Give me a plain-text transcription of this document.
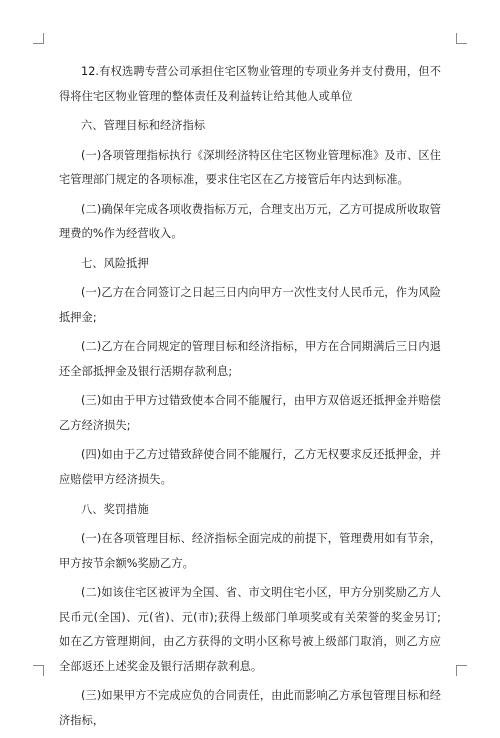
12.有权选聘专营公司承担住宅区物业管理的专项业务并支付费用，但不得将住宅区物业管理的整体责任及利益转让给其他人或单位

六、管理目标和经济指标

(一)各项管理指标执行《深圳经济特区住宅区物业管理标准》及市、区住宅管理部门规定的各项标准，要求住宅区在乙方接管后年内达到标准。

(二)确保年完成各项收费指标万元，合理支出万元，乙方可提成所收取管理费的%作为经营收入。

七、风险抵押

(一)乙方在合同签订之日起三日内向甲方一次性支付人民币元，作为风险抵押金;

(二)乙方在合同规定的管理目标和经济指标，甲方在合同期满后三日内退还全部抵押金及银行活期存款利息;

(三)如由于甲方过错致使本合同不能履行，由甲方双倍返还抵押金并赔偿乙方经济损失;

(四)如由于乙方过错致辞使合同不能履行，乙方无权要求反还抵押金，并应赔偿甲方经济损失。

八、奖罚措施

(一)在各项管理目标、经济指标全面完成的前提下，管理费用如有节余，甲方按节余额%奖励乙方。

(二)如该住宅区被评为全国、省、市文明住宅小区，甲方分别奖励乙方人民币元(全国)、元(省)、元(市);获得上级部门单项奖或有关荣誉的奖金另订;如在乙方管理期间，由乙方获得的文明小区称号被上级部门取消，则乙方应全部返还上述奖金及银行活期存款利息。

(三)如果甲方不完成应负的合同责任，由此而影响乙方承包管理目标和经济指标，
